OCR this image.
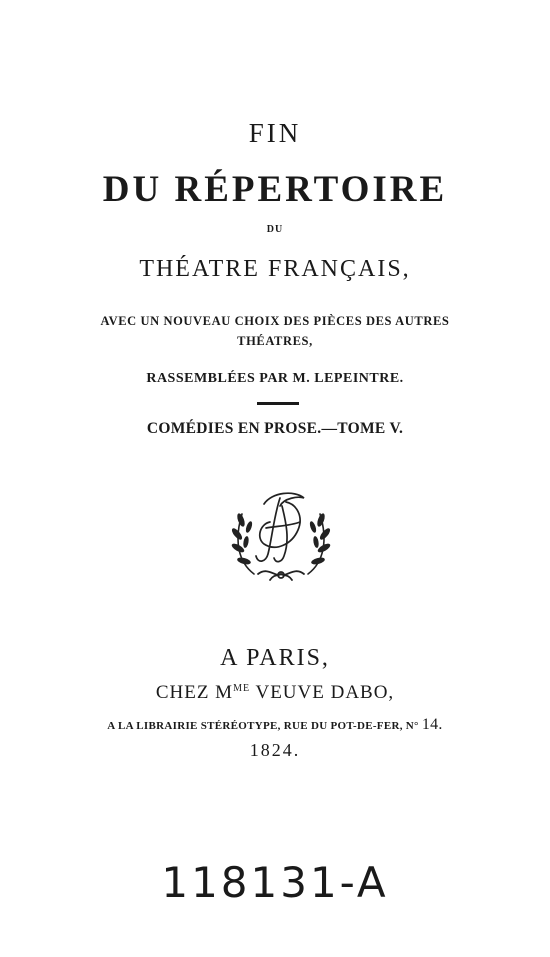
FIN
DU RÉPERTOIRE
DU
THÉATRE FRANÇAIS,
AVEC UN NOUVEAU CHOIX DES PIÈCES DES AUTRES
THÉATRES,
RASSEMBLÉES PAR M. LEPEINTRE.
COMÉDIES EN PROSE.—TOME V.
A PARIS,
CHEZ $M^{ME}$ VEUVE DABO,
A LA LIBRAIRIE STÉRÉOTYPE, RUE DU POT-DE-FER, N° 14.
1824.
118131-A
